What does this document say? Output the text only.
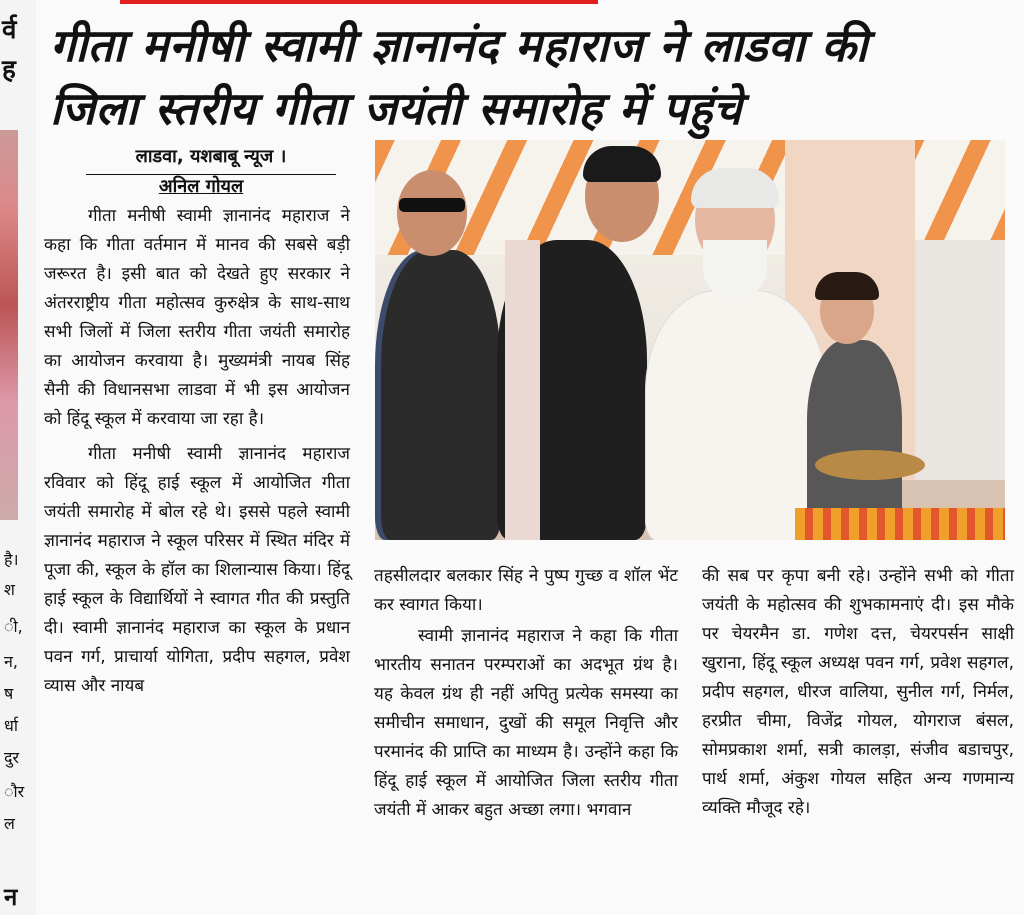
र्व
ह
है।
श
ी,
न,
ष
र्धा
दुर
ौर
ल
न
गीता मनीषी स्वामी ज्ञानानंद महाराज ने लाडवा की
जिला स्तरीय गीता जयंती समारोह में पहुंचे
लाडवा, यशबाबू न्यूज ।
अनिल गोयल

गीता मनीषी स्वामी ज्ञानानंद महाराज ने कहा कि गीता वर्तमान में मानव की सबसे बड़ी जरूरत है। इसी बात को देखते हुए सरकार ने अंतरराष्ट्रीय गीता महोत्सव कुरुक्षेत्र के साथ-साथ सभी जिलों में जिला स्तरीय गीता जयंती समारोह का आयोजन करवाया है। मुख्यमंत्री नायब सिंह सैनी की विधानसभा लाडवा में भी इस आयोजन को हिंदू स्कूल में करवाया जा रहा है।

गीता मनीषी स्वामी ज्ञानानंद महाराज रविवार को हिंदू हाई स्कूल में आयोजित गीता जयंती समारोह में बोल रहे थे। इससे पहले स्वामी ज्ञानानंद महाराज ने स्कूल परिसर में स्थित मंदिर में पूजा की, स्कूल के हॉल का शिलान्यास किया। हिंदू हाई स्कूल के विद्यार्थियों ने स्वागत गीत की प्रस्तुति दी। स्वामी ज्ञानानंद महाराज का स्कूल के प्रधान पवन गर्ग, प्राचार्या योगिता, प्रदीप सहगल, प्रवेश व्यास और नायब

तहसीलदार बलकार सिंह ने पुष्प गुच्छ व शॉल भेंट कर स्वागत किया।

स्वामी ज्ञानानंद महाराज ने कहा कि गीता भारतीय सनातन परम्पराओं का अदभूत ग्रंथ है। यह केवल ग्रंथ ही नहीं अपितु प्रत्येक समस्या का समीचीन समाधान, दुखों की समूल निवृत्ति और परमानंद की प्राप्ति का माध्यम है। उन्होंने कहा कि हिंदू हाई स्कूल में आयोजित जिला स्तरीय गीता जयंती में आकर बहुत अच्छा लगा। भगवान

की सब पर कृपा बनी रहे। उन्होंने सभी को गीता जयंती के महोत्सव की शुभकामनाएं दी। इस मौके पर चेयरमैन डा. गणेश दत्त, चेयरपर्सन साक्षी खुराना, हिंदू स्कूल अध्यक्ष पवन गर्ग, प्रवेश सहगल, प्रदीप सहगल, धीरज वालिया, सुनील गर्ग, निर्मल, हरप्रीत चीमा, विजेंद्र गोयल, योगराज बंसल, सोमप्रकाश शर्मा, सत्री कालड़ा, संजीव बडाचपुर, पार्थ शर्मा, अंकुश गोयल सहित अन्य गणमान्य व्यक्ति मौजूद रहे।
